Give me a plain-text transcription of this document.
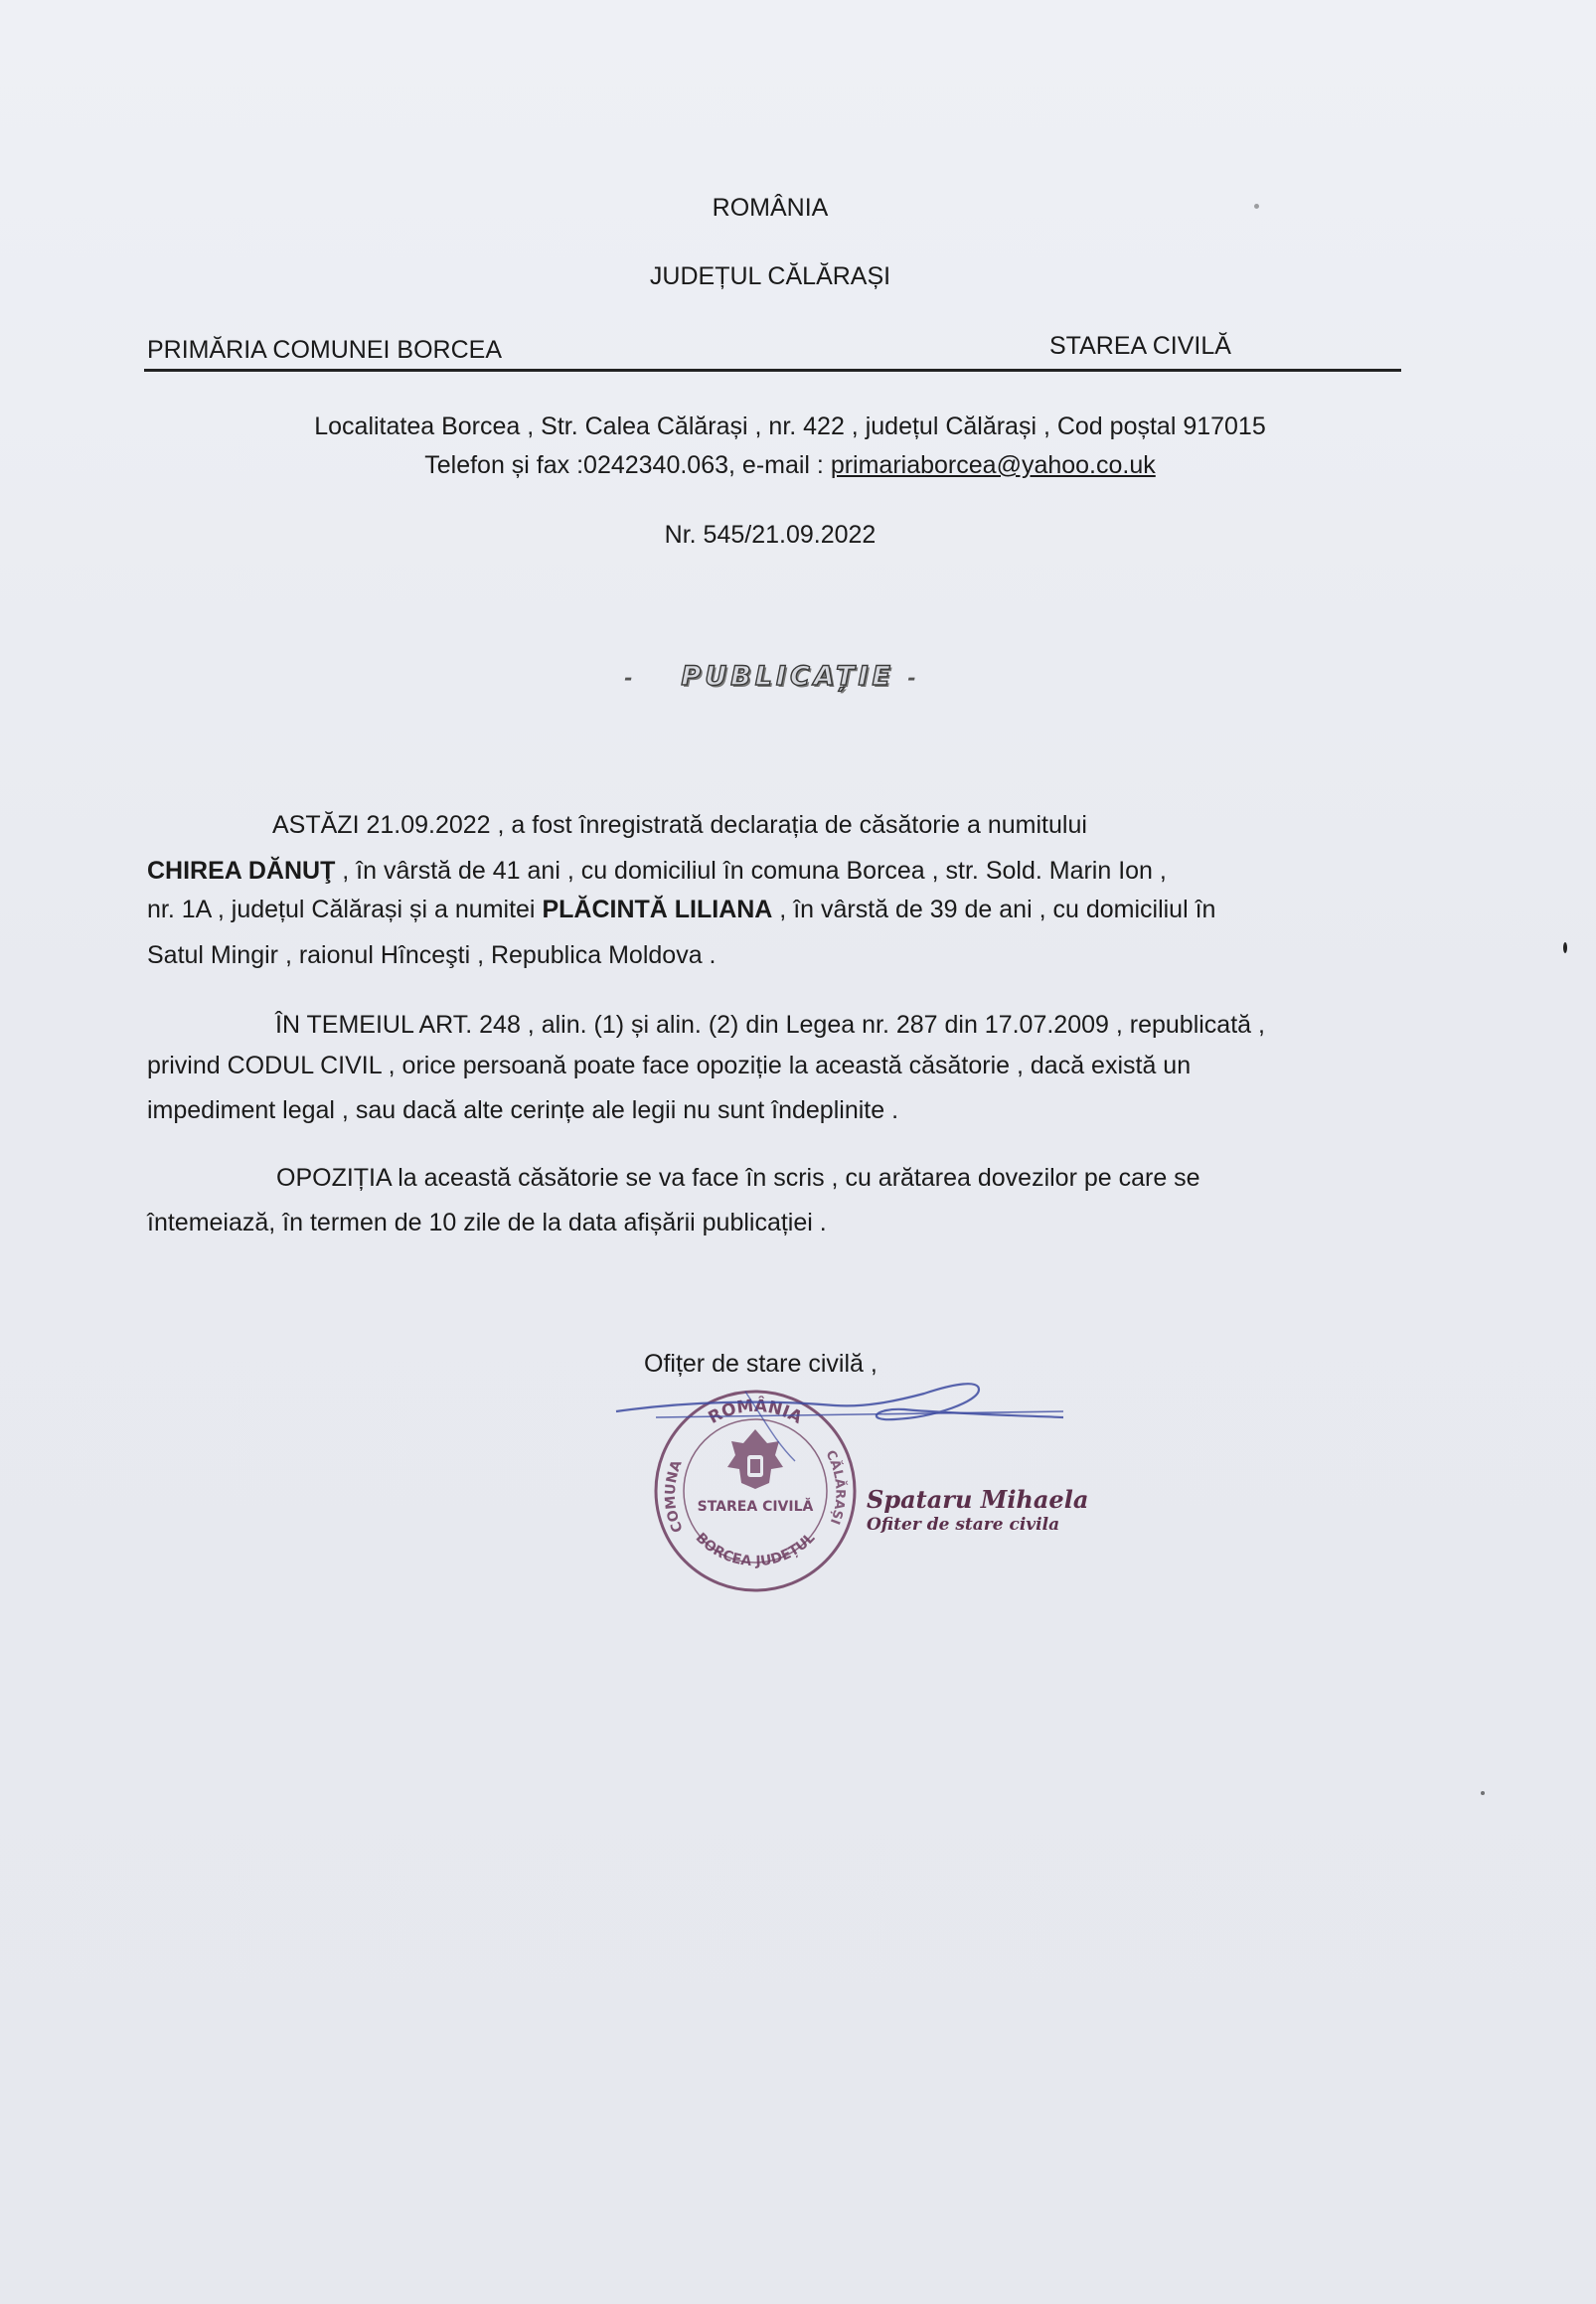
ROMÂNIA
JUDEȚUL CĂLĂRAȘI
PRIMĂRIA COMUNEI BORCEA	STAREA CIVILĂ
Localitatea Borcea , Str. Calea Călărași , nr. 422 , județul Călărași , Cod poștal 917015
Telefon și fax :0242340.063, e-mail : primariaborcea@yahoo.co.uk
Nr. 545/21.09.2022
- PUBLICAȚIE -
ASTĂZI 21.09.2022 , a fost înregistrată declarația de căsătorie a numitului
CHIREA DĂNUŢ , în vârstă de 41 ani , cu domiciliul în comuna Borcea , str. Sold. Marin Ion ,
nr. 1A , județul Călărași și a numitei PLĂCINTĂ LILIANA , în vârstă de 39 de ani , cu domiciliul în
Satul Mingir , raionul Hînceşti , Republica Moldova .
ÎN TEMEIUL ART. 248 , alin. (1) și alin. (2) din Legea nr. 287 din 17.07.2009 , republicată ,
privind CODUL CIVIL , orice persoană poate face opoziție la această căsătorie , dacă există un
impediment legal , sau dacă alte cerințe ale legii nu sunt îndeplinite .
OPOZIȚIA la această căsătorie se va face în scris , cu arătarea dovezilor pe care se
întemeiază, în termen de 10 zile de la data afișării publicației .
Ofițer de stare civilă ,
ROMÂNIA
COMUNA
BORCEA JUDEȚUL
CĂLĂRAȘI
STAREA CIVILĂ Spataru Mihaela
Ofiter de stare civila
